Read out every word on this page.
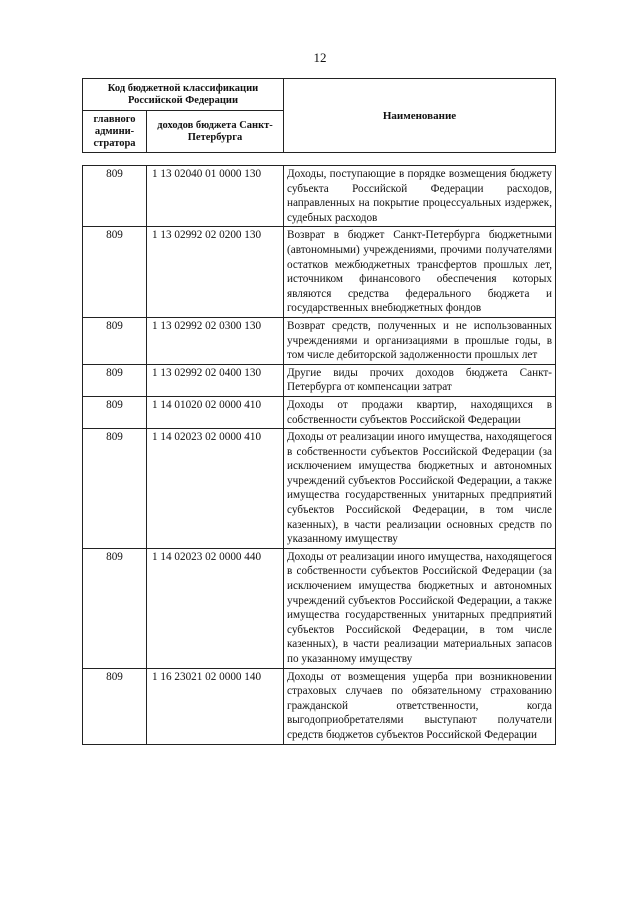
12
Код бюджетной классификации Российской Федерации		Наименование
главного админи-стратора	доходов бюджета Санкт-Петербурга	
809	1 13 02040 01 0000 130	Доходы, поступающие в порядке возмещения бюджету субъекта Российской Федерации расходов, направленных на покрытие процессуальных издержек, судебных расходов
809	1 13 02992 02 0200 130	Возврат в бюджет Санкт-Петербурга бюджетными (автономными) учреждениями, прочими получателями остатков межбюджетных трансфертов прошлых лет, источником финансового обеспечения которых являются средства федерального бюджета и государственных внебюджетных фондов
809	1 13 02992 02 0300 130	Возврат средств, полученных и не использованных учреждениями и организациями в прошлые годы, в том числе дебиторской задолженности прошлых лет
809	1 13 02992 02 0400 130	Другие виды прочих доходов бюджета Санкт-Петербурга от компенсации затрат
809	1 14 01020 02 0000 410	Доходы от продажи квартир, находящихся в собственности субъектов Российской Федерации
809	1 14 02023 02 0000 410	Доходы от реализации иного имущества, находящегося в собственности субъектов Российской Федерации (за исключением имущества бюджетных и автономных учреждений субъектов Российской Федерации, а также имущества государственных унитарных предприятий субъектов Российской Федерации, в том числе казенных), в части реализации основных средств по указанному имуществу
809	1 14 02023 02 0000 440	Доходы от реализации иного имущества, находящегося в собственности субъектов Российской Федерации (за исключением имущества бюджетных и автономных учреждений субъектов Российской Федерации, а также имущества государственных унитарных предприятий субъектов Российской Федерации, в том числе казенных), в части реализации материальных запасов по указанному имуществу
809	1 16 23021 02 0000 140	Доходы от возмещения ущерба при возникновении страховых случаев по обязательному страхованию гражданской ответственности, когда выгодоприобретателями выступают получатели средств бюджетов субъектов Российской Федерации
